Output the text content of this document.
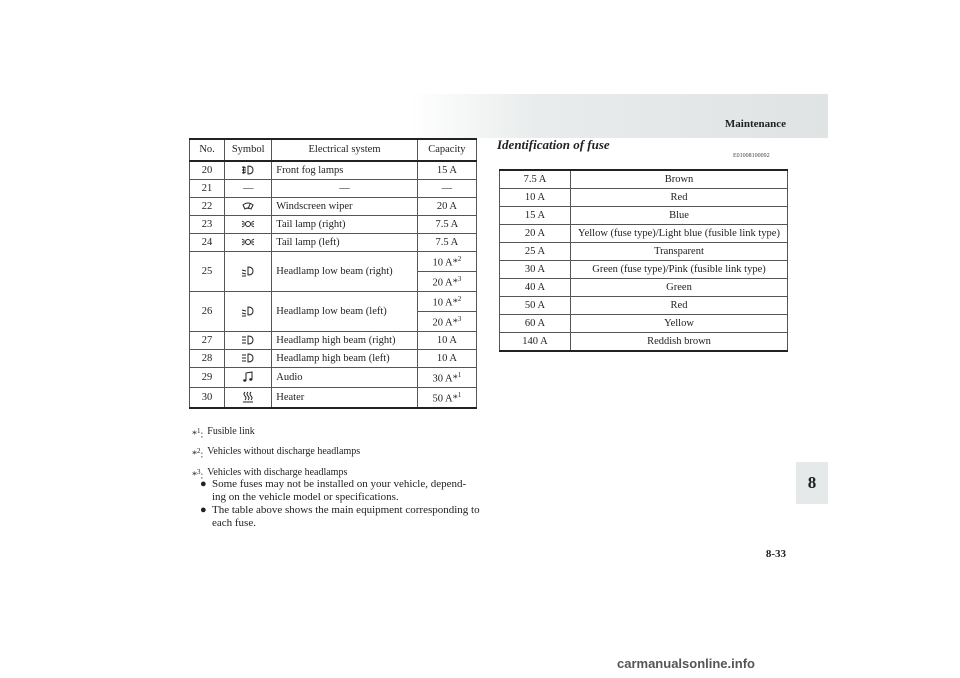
Maintenance
No.	Symbol	Electrical system	Capacity
20		Front fog lamps	15 A
21	—	—	—
22		Windscreen wiper	20 A
23		Tail lamp (right)	7.5 A
24		Tail lamp (left)	7.5 A
25		Headlamp low beam (right)	10 A*$^2$
			20 A*$^3$
26		Headlamp low beam (left)	10 A*$^2$
			20 A*$^3$
27		Headlamp high beam (right)	10 A
28		Headlamp high beam (left)	10 A
29		Audio	30 A*$^1$
30		Heater	50 A*$^1$
*$^1$: Fusible link
*$^2$: Vehicles without discharge headlamps
*$^3$: Vehicles with discharge headlamps
● Some fuses may not be installed on your vehicle, depend-ing on the vehicle model or specifications.
● The table above shows the main equipment corresponding to each fuse.
Identification of fuse
E01008100092
7.5 A	Brown
10 A	Red
15 A	Blue
20 A	Yellow (fuse type)/Light blue (fusible link type)
25 A	Transparent
30 A	Green (fuse type)/Pink (fusible link type)
40 A	Green
50 A	Red
60 A	Yellow
140 A	Reddish brown
8
8-33
carmanualsonline.info
